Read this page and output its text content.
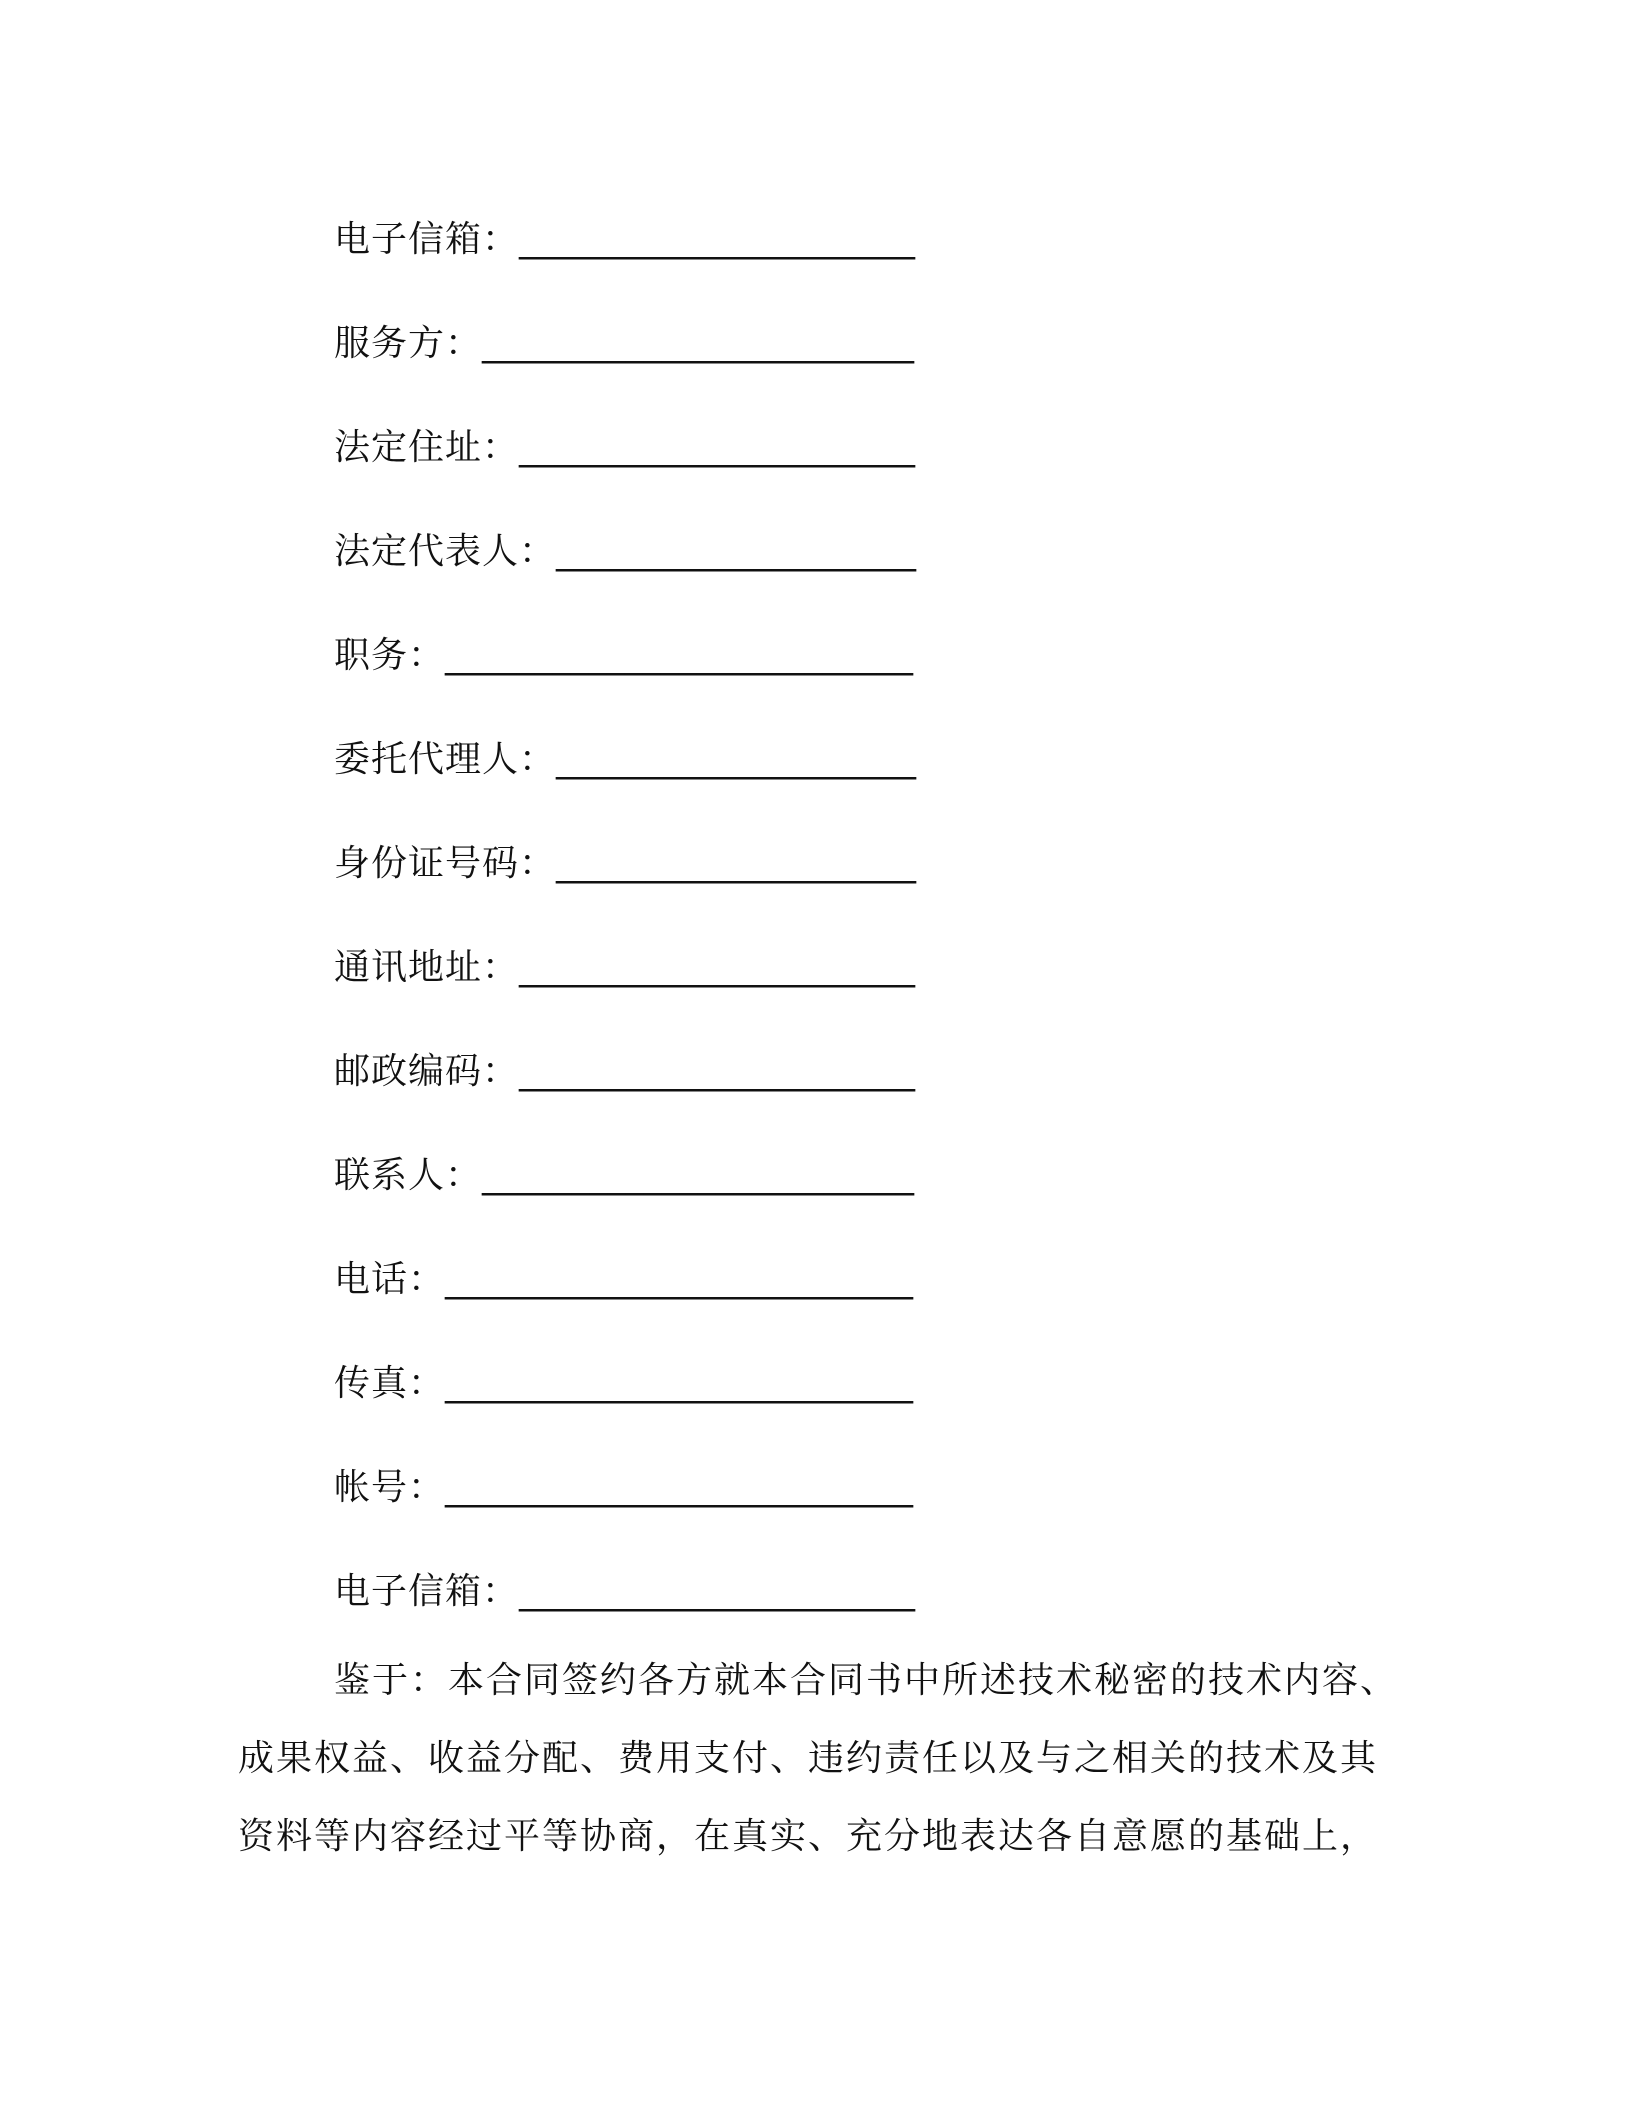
电子信箱： ______________________
服务方： ________________________
法定住址： ______________________
法定代表人： ____________________
职务： __________________________
委托代理人： ____________________
身份证号码： ____________________
通讯地址： ______________________
邮政编码： ______________________
联系人： ________________________
电话： __________________________
传真： __________________________
帐号： __________________________
电子信箱： ______________________
鉴于：本合同签约各方就本合同书中所述技术秘密的技术内容、
成果权益、收益分配、费用支付、违约责任以及与之相关的技术及其
资料等内容经过平等协商，在真实、充分地表达各自意愿的基础上，
